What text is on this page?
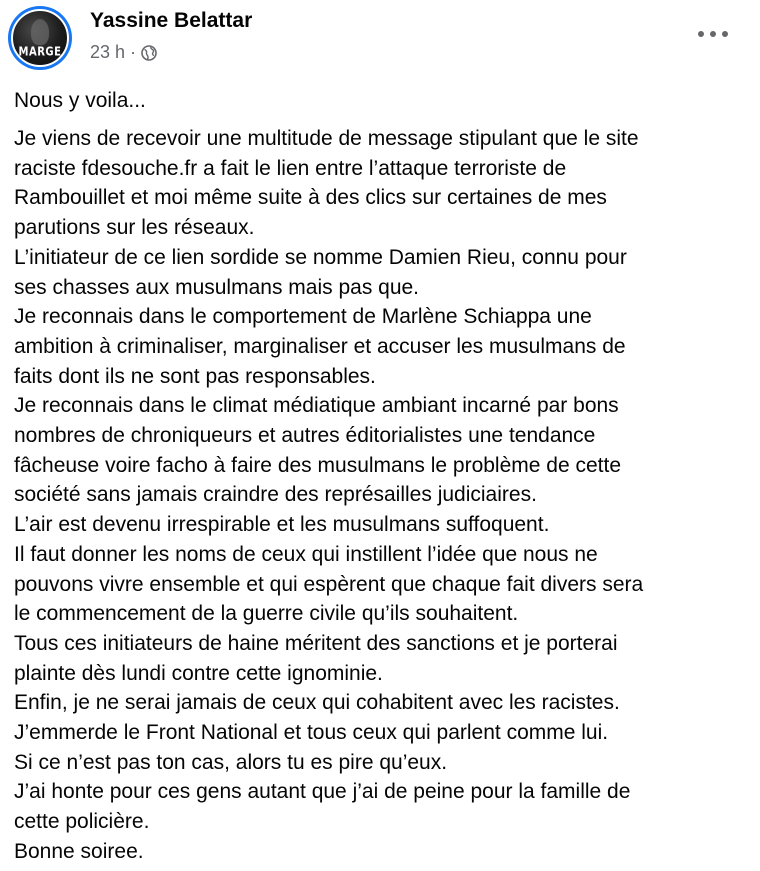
MARGE
Yassine Belattar
23 h ·
Nous y voila...
Je viens de recevoir une multitude de message stipulant que le site
raciste fdesouche.fr a fait le lien entre l’attaque terroriste de
Rambouillet et moi même suite à des clics sur certaines de mes
parutions sur les réseaux.
L’initiateur de ce lien sordide se nomme Damien Rieu, connu pour
ses chasses aux musulmans mais pas que.
Je reconnais dans le comportement de Marlène Schiappa une
ambition à criminaliser, marginaliser et accuser les musulmans de
faits dont ils ne sont pas responsables.
Je reconnais dans le climat médiatique ambiant incarné par bons
nombres de chroniqueurs et autres éditorialistes une tendance
fâcheuse voire facho à faire des musulmans le problème de cette
société sans jamais craindre des représailles judiciaires.
L’air est devenu irrespirable et les musulmans suffoquent.
Il faut donner les noms de ceux qui instillent l’idée que nous ne
pouvons vivre ensemble et qui espèrent que chaque fait divers sera
le commencement de la guerre civile qu’ils souhaitent.
Tous ces initiateurs de haine méritent des sanctions et je porterai
plainte dès lundi contre cette ignominie.
Enfin, je ne serai jamais de ceux qui cohabitent avec les racistes.
J’emmerde le Front National et tous ceux qui parlent comme lui.
Si ce n’est pas ton cas, alors tu es pire qu’eux.
J’ai honte pour ces gens autant que j’ai de peine pour la famille de
cette policière.
Bonne soiree.
